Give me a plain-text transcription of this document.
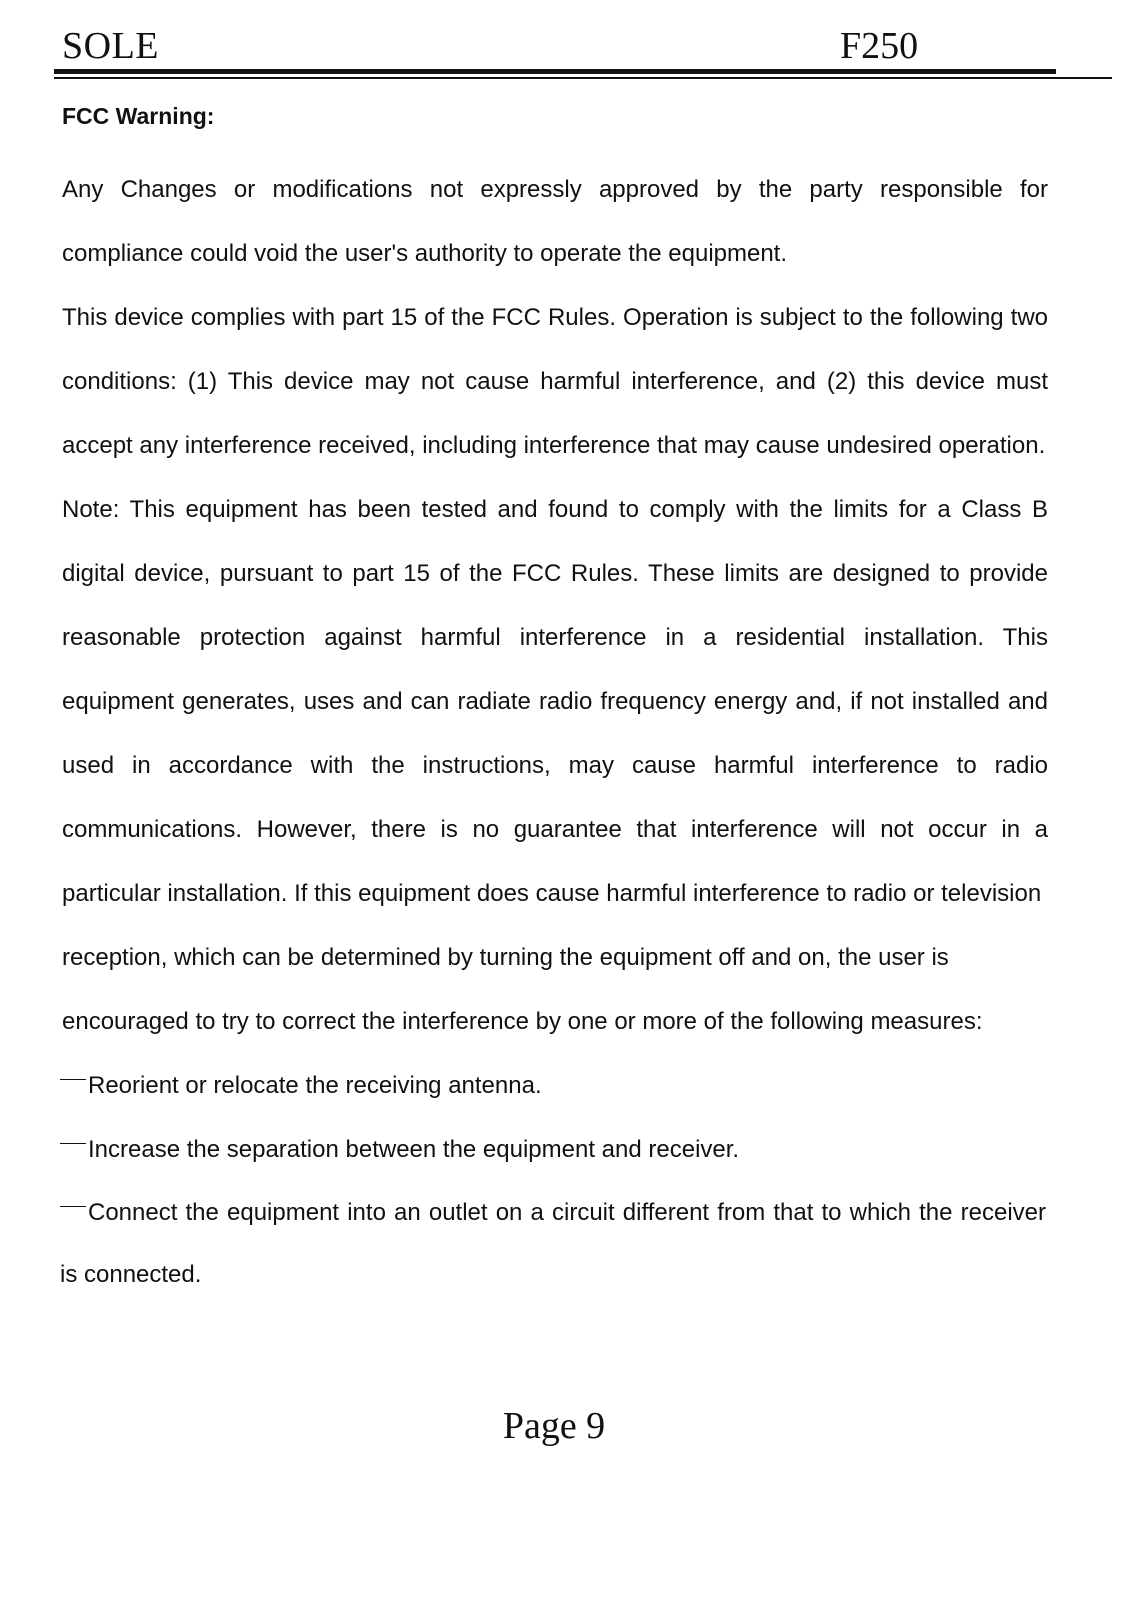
SOLE	F250
FCC Warning:

Any Changes or modifications not expressly approved by the party responsible for compliance could void the user's authority to operate the equipment.

This device complies with part 15 of the FCC Rules. Operation is subject to the following two conditions: (1) This device may not cause harmful interference, and (2) this device must accept any interference received, including interference that may cause undesired operation.

Note: This equipment has been tested and found to comply with the limits for a Class B digital device, pursuant to part 15 of the FCC Rules. These limits are designed to provide reasonable protection against harmful interference in a residential installation. This equipment generates, uses and can radiate radio frequency energy and, if not installed and used in accordance with the instructions, may cause harmful interference to radio communications. However, there is no guarantee that interference will not occur in a particular installation. If this equipment does cause harmful interference to radio or television

reception, which can be determined by turning the equipment off and on, the user is encouraged to try to correct the interference by one or more of the following measures:

Reorient or relocate the receiving antenna.

Increase the separation between the equipment and receiver.

Connect the equipment into an outlet on a circuit different from that to which the receiver is connected.

Page 9
